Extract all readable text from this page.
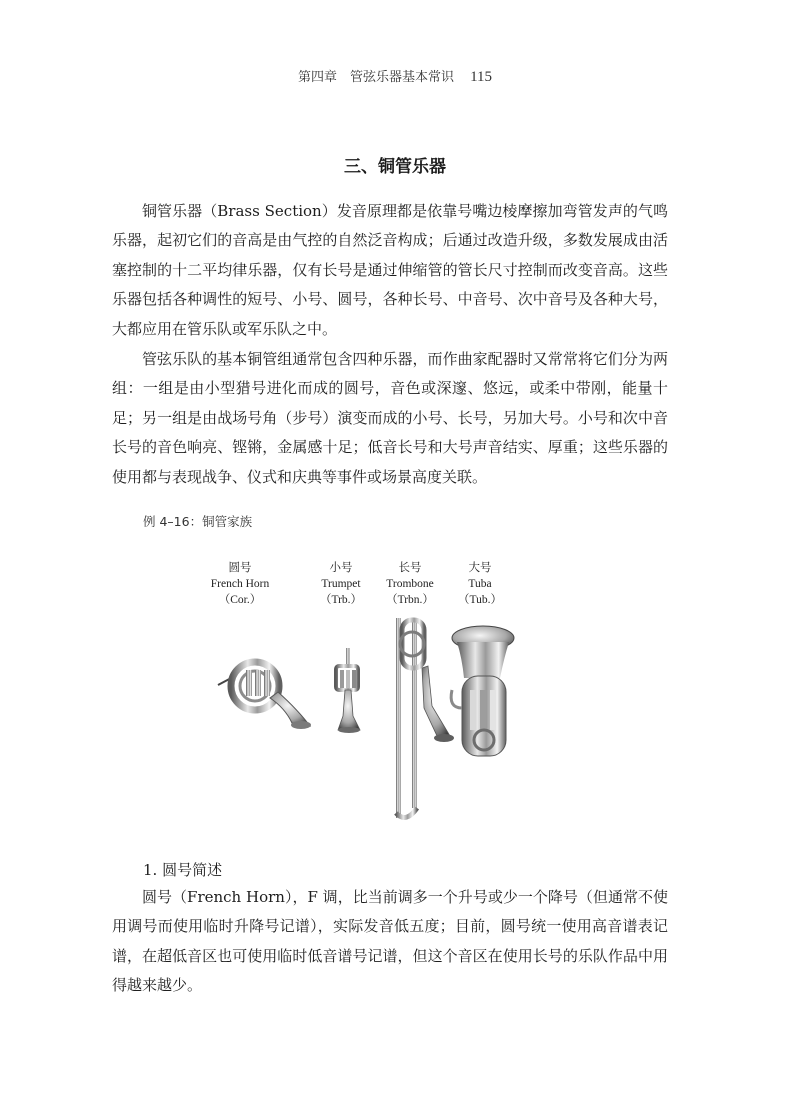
第四章　管弦乐器基本常识 115
三、铜管乐器

铜管乐器（Brass Section）发音原理都是依靠号嘴边棱摩擦加弯管发声的气鸣乐器，起初它们的音高是由气控的自然泛音构成；后通过改造升级，多数发展成由活塞控制的十二平均律乐器，仅有长号是通过伸缩管的管长尺寸控制而改变音高。这些乐器包括各种调性的短号、小号、圆号，各种长号、中音号、次中音号及各种大号，大都应用在管乐队或军乐队之中。

管弦乐队的基本铜管组通常包含四种乐器，而作曲家配器时又常常将它们分为两组：一组是由小型猎号进化而成的圆号，音色或深邃、悠远，或柔中带刚，能量十足；另一组是由战场号角（步号）演变而成的小号、长号，另加大号。小号和次中音长号的音色响亮、铿锵，金属感十足；低音长号和大号声音结实、厚重；这些乐器的使用都与表现战争、仪式和庆典等事件或场景高度关联。

例 4–16：铜管家族
圆号
French Horn
（Cor.）
小号
Trumpet
（Trb.）
长号
Trombone
（Trbn.）
大号
Tuba
（Tub.）
1. 圆号简述

圆号（French Horn），F 调，比当前调多一个升号或少一个降号（但通常不使用调号而使用临时升降号记谱），实际发音低五度；目前，圆号统一使用高音谱表记谱，在超低音区也可使用临时低音谱号记谱，但这个音区在使用长号的乐队作品中用得越来越少。
